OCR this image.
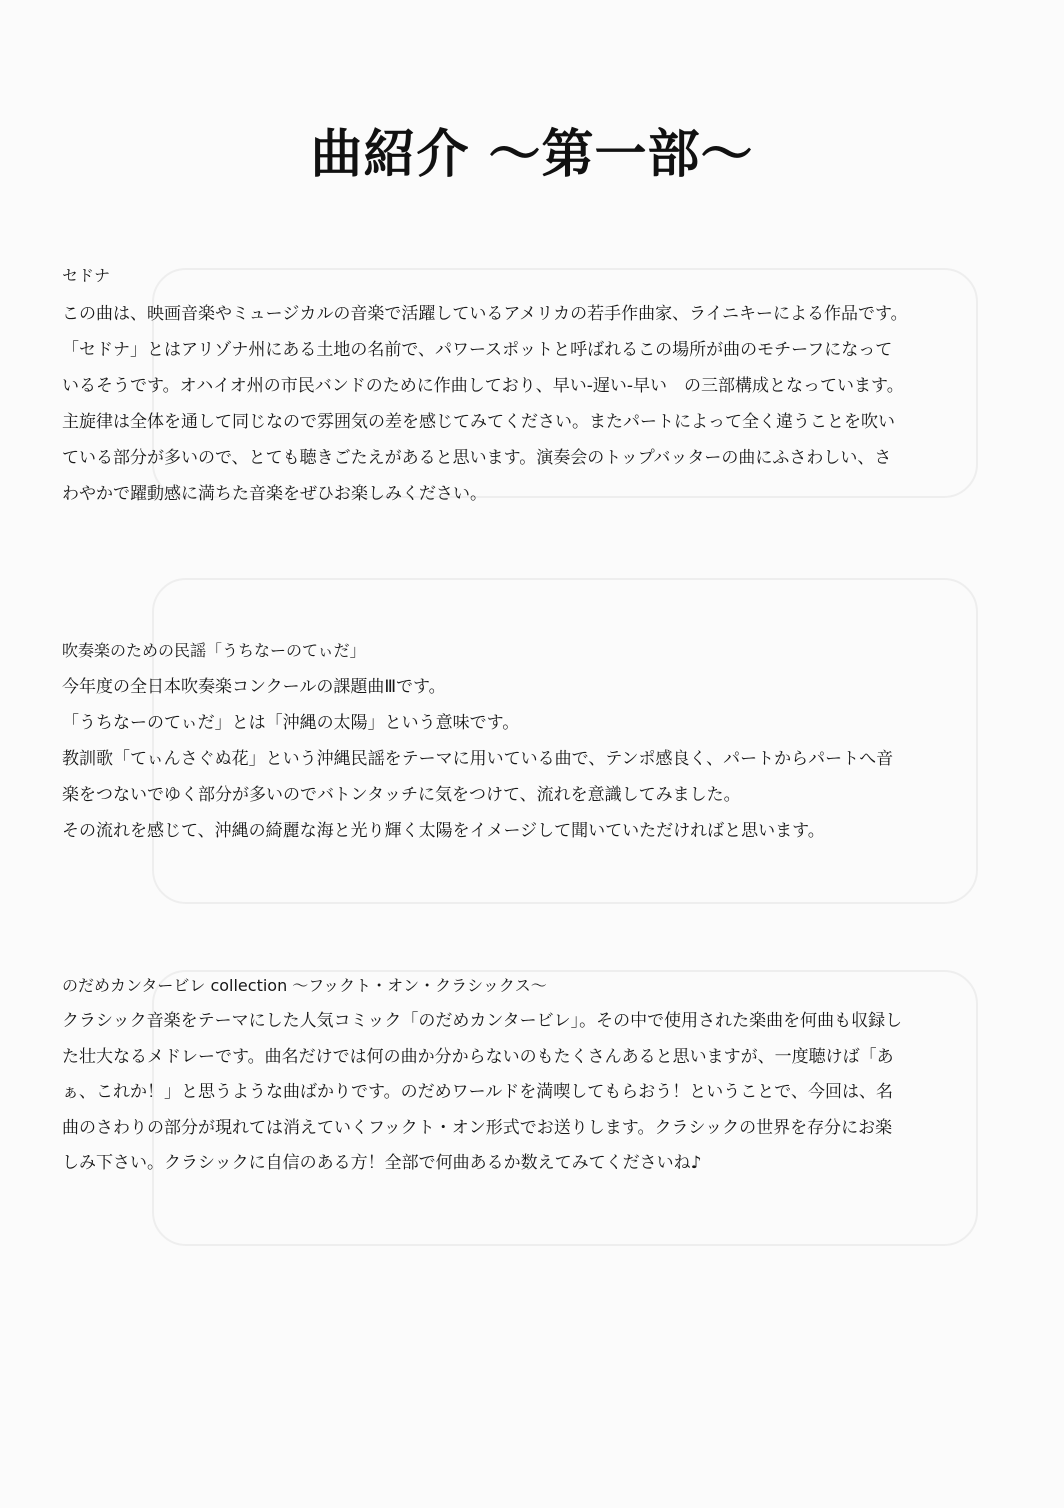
曲紹介 ～第一部～

セドナ

この曲は、映画音楽やミュージカルの音楽で活躍しているアメリカの若手作曲家、ライニキーによる作品です。

「セドナ」とはアリゾナ州にある土地の名前で、パワースポットと呼ばれるこの場所が曲のモチーフになって

いるそうです。オハイオ州の市民バンドのために作曲しており、早い-遅い-早い　の三部構成となっています。

主旋律は全体を通して同じなので雰囲気の差を感じてみてください。またパートによって全く違うことを吹い

ている部分が多いので、とても聴きごたえがあると思います。演奏会のトップバッターの曲にふさわしい、さ

わやかで躍動感に満ちた音楽をぜひお楽しみください。

吹奏楽のための民謡「うちなーのてぃだ」

今年度の全日本吹奏楽コンクールの課題曲Ⅲです。

「うちなーのてぃだ」とは「沖縄の太陽」という意味です。

教訓歌「てぃんさぐぬ花」という沖縄民謡をテーマに用いている曲で、テンポ感良く、パートからパートへ音

楽をつないでゆく部分が多いのでバトンタッチに気をつけて、流れを意識してみました。

その流れを感じて、沖縄の綺麗な海と光り輝く太陽をイメージして聞いていただければと思います。

のだめカンタービレ collection ～フックト・オン・クラシックス～

クラシック音楽をテーマにした人気コミック「のだめカンタービレ」。その中で使用された楽曲を何曲も収録し

た壮大なるメドレーです。曲名だけでは何の曲か分からないのもたくさんあると思いますが、一度聴けば「あ

ぁ、これか！」と思うような曲ばかりです。のだめワールドを満喫してもらおう！ということで、今回は、名

曲のさわりの部分が現れては消えていくフックト・オン形式でお送りします。クラシックの世界を存分にお楽

しみ下さい。クラシックに自信のある方！全部で何曲あるか数えてみてくださいね♪
